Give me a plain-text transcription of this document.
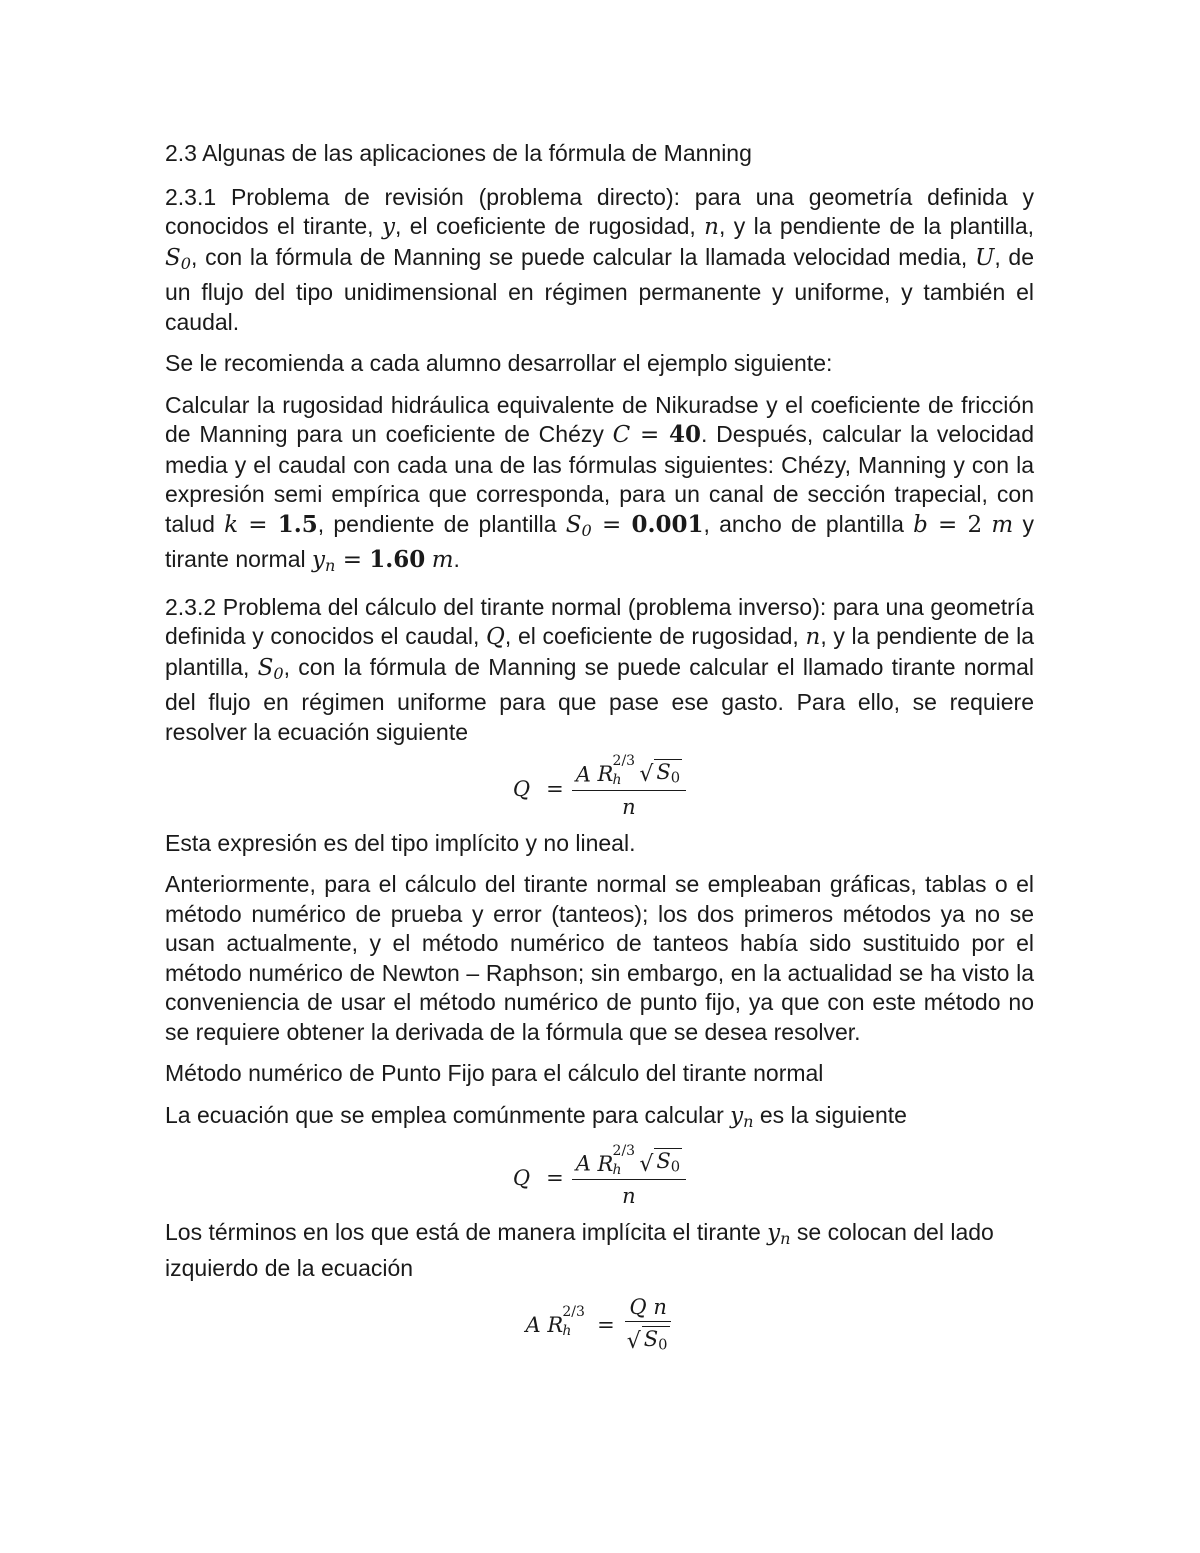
2.3 Algunas de las aplicaciones de la fórmula de Manning

2.3.1 Problema de revisión (problema directo): para una geometría definida y conocidos el tirante, y, el coeficiente de rugosidad, n, y la pendiente de la plantilla, $S_0$, con la fórmula de Manning se puede calcular la llamada velocidad media, U, de un flujo del tipo unidimensional en régimen permanente y uniforme, y también el caudal.

Se le recomienda a cada alumno desarrollar el ejemplo siguiente:

Calcular la rugosidad hidráulica equivalente de Nikuradse y el coeficiente de fricción de Manning para un coeficiente de Chézy C = 40. Después, calcular la velocidad media y el caudal con cada una de las fórmulas siguientes: Chézy, Manning y con la expresión semi empírica que corresponda, para un canal de sección trapecial, con talud k = 1.5, pendiente de plantilla $S_0 = 0.001$, ancho de plantilla b = 2 m y tirante normal $y_n = 1.60$ m.

2.3.2 Problema del cálculo del tirante normal (problema inverso): para una geometría definida y conocidos el caudal, Q, el coeficiente de rugosidad, n, y la pendiente de la plantilla, $S_0$, con la fórmula de Manning se puede calcular el llamado tirante normal del flujo en régimen uniforme para que pase ese gasto. Para ello, se requiere resolver la ecuación siguiente

Q = A R
2/3
h √ $S_0$
n

Esta expresión es del tipo implícito y no lineal.

Anteriormente, para el cálculo del tirante normal se empleaban gráficas, tablas o el método numérico de prueba y error (tanteos); los dos primeros métodos ya no se usan actualmente, y el método numérico de tanteos había sido sustituido por el método numérico de Newton – Raphson; sin embargo, en la actualidad se ha visto la conveniencia de usar el método numérico de punto fijo, ya que con este método no se requiere obtener la derivada de la fórmula que se desea resolver.

Método numérico de Punto Fijo para el cálculo del tirante normal

La ecuación que se emplea comúnmente para calcular $y_n$ es la siguiente

Q = A R
2/3
h √ $S_0$
n

Los términos en los que está de manera implícita el tirante $y_n$ se colocan del lado izquierdo de la ecuación

A
R
2/3
$h = \frac{\text{Q n}}{√ S_0}$
